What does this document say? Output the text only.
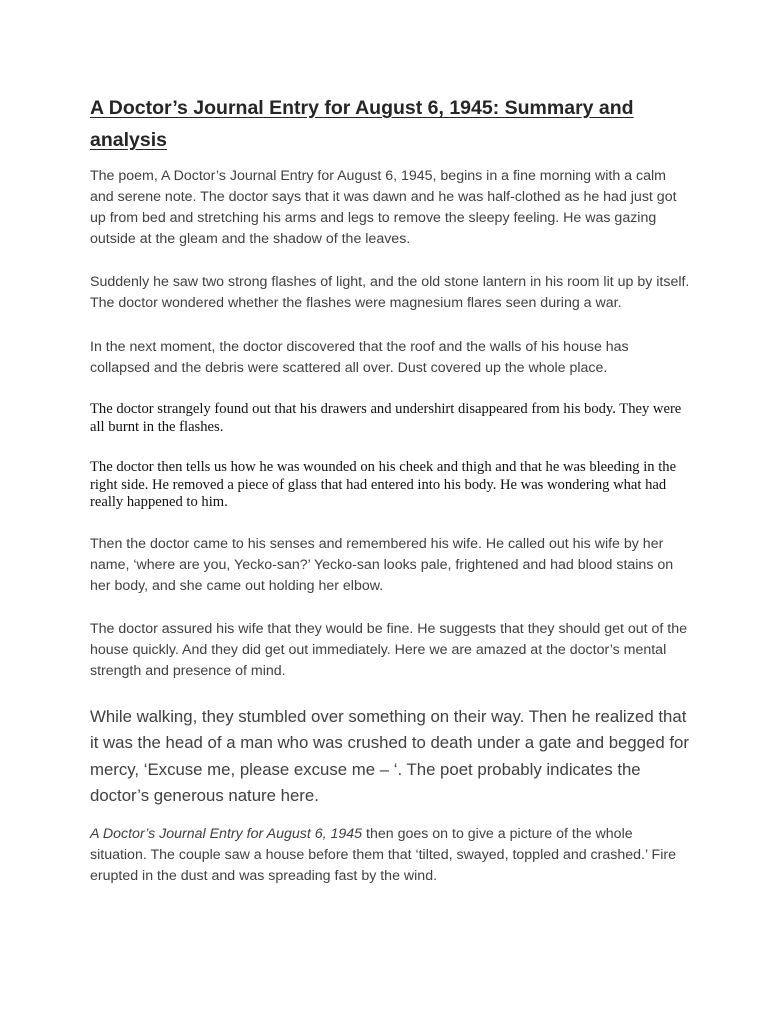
A Doctor’s Journal Entry for August 6, 1945: Summary and analysis

The poem, A Doctor’s Journal Entry for August 6, 1945, begins in a fine morning with a calm and serene note. The doctor says that it was dawn and he was half-clothed as he had just got up from bed and stretching his arms and legs to remove the sleepy feeling. He was gazing outside at the gleam and the shadow of the leaves.

Suddenly he saw two strong flashes of light, and the old stone lantern in his room lit up by itself. The doctor wondered whether the flashes were magnesium flares seen during a war.

In the next moment, the doctor discovered that the roof and the walls of his house has collapsed and the debris were scattered all over. Dust covered up the whole place.

The doctor strangely found out that his drawers and undershirt disappeared from his body. They were all burnt in the flashes.

The doctor then tells us how he was wounded on his cheek and thigh and that he was bleeding in the right side. He removed a piece of glass that had entered into his body. He was wondering what had really happened to him.

Then the doctor came to his senses and remembered his wife. He called out his wife by her name, ‘where are you, Yecko-san?’ Yecko-san looks pale, frightened and had blood stains on her body, and she came out holding her elbow.

The doctor assured his wife that they would be fine. He suggests that they should get out of the house quickly. And they did get out immediately. Here we are amazed at the doctor’s mental strength and presence of mind.

While walking, they stumbled over something on their way. Then he realized that it was the head of a man who was crushed to death under a gate and begged for mercy, ‘Excuse me, please excuse me – ‘. The poet probably indicates the doctor’s generous nature here.

A Doctor’s Journal Entry for August 6, 1945 then goes on to give a picture of the whole situation. The couple saw a house before them that ‘tilted, swayed, toppled and crashed.’ Fire erupted in the dust and was spreading fast by the wind.
